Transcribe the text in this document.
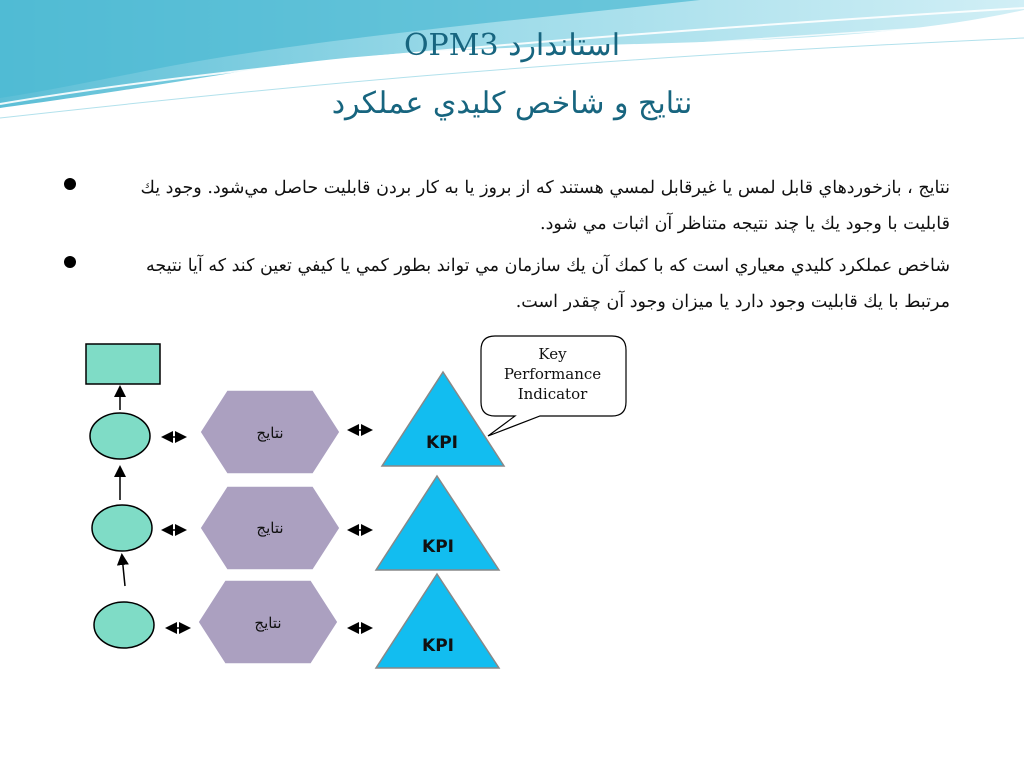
استاندارد OPM3
نتايج و شاخص كليدي عملكرد
نتايج ، بازخوردهاي قابل لمس يا غيرقابل لمسي هستند كه از بروز يا به كار بردن قابليت حاصل مي‌شود. وجود يك قابليت با وجود يك يا چند نتيجه متناظر آن اثبات مي شود.
شاخص عملكرد كليدي معياري است كه با كمك آن يك سازمان مي تواند بطور كمي يا كيفي تعين كند كه آيا نتيجه مرتبط با يك قابليت وجود دارد يا ميزان وجود آن چقدر است.
نتايج
نتايج
نتايج
KPI
KPI
KPI
Key
Performance
Indicator
